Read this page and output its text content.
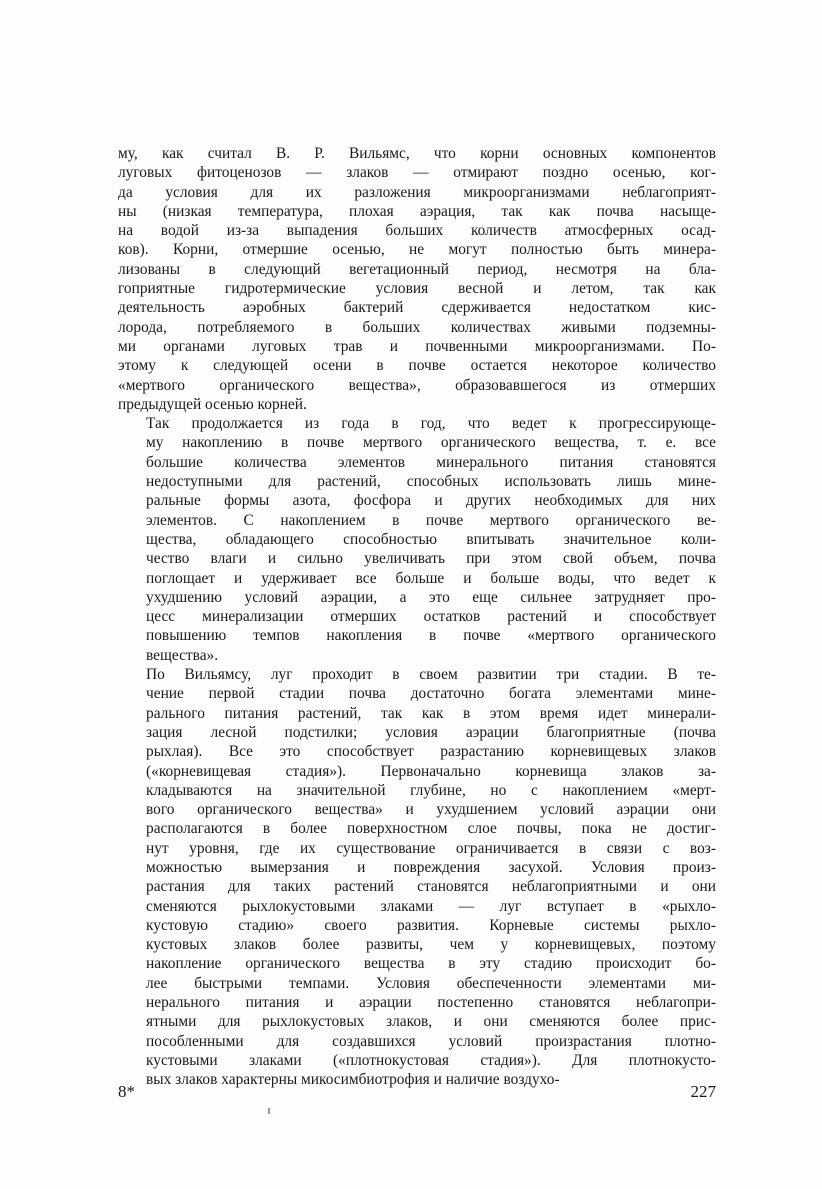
му, как считал В. Р. Вильямс, что корни основных компонентов
луговых фитоценозов — злаков — отмирают поздно осенью, ког-
да условия для их разложения микроорганизмами неблагоприят-
ны (низкая температура, плохая аэрация, так как почва насыще-
на водой из-за выпадения больших количеств атмосферных осад-
ков). Корни, отмершие осенью, не могут полностью быть минера-
лизованы в следующий вегетационный период, несмотря на бла-
гоприятные гидротермические условия весной и летом, так как
деятельность аэробных бактерий сдерживается недостатком кис-
лорода, потребляемого в больших количествах живыми подземны-
ми органами луговых трав и почвенными микроорганизмами. По-
этому к следующей осени в почве остается некоторое количество
«мертвого органического вещества», образовавшегося из отмерших
предыдущей осенью корней.
Так продолжается из года в год, что ведет к прогрессирующе-
му накоплению в почве мертвого органического вещества, т. е. все
большие количества элементов минерального питания становятся
недоступными для растений, способных использовать лишь мине-
ральные формы азота, фосфора и других необходимых для них
элементов. С накоплением в почве мертвого органического ве-
щества, обладающего способностью впитывать значительное коли-
чество влаги и сильно увеличивать при этом свой объем, почва
поглощает и удерживает все больше и больше воды, что ведет к
ухудшению условий аэрации, а это еще сильнее затрудняет про-
цесс минерализации отмерших остатков растений и способствует
повышению темпов накопления в почве «мертвого органического
вещества».
По Вильямсу, луг проходит в своем развитии три стадии. В те-
чение первой стадии почва достаточно богата элементами мине-
рального питания растений, так как в этом время идет минерали-
зация лесной подстилки; условия аэрации благоприятные (почва
рыхлая). Все это способствует разрастанию корневищевых злаков
(«корневищевая стадия»). Первоначально корневища злаков за-
кладываются на значительной глубине, но с накоплением «мерт-
вого органического вещества» и ухудшением условий аэрации они
располагаются в более поверхностном слое почвы, пока не достиг-
нут уровня, где их существование ограничивается в связи с воз-
можностью вымерзания и повреждения засухой. Условия произ-
растания для таких растений становятся неблагоприятными и они
сменяются рыхлокустовыми злаками — луг вступает в «рыхло-
кустовую стадию» своего развития. Корневые системы рыхло-
кустовых злаков более развиты, чем у корневищевых, поэтому
накопление органического вещества в эту стадию происходит бо-
лее быстрыми темпами. Условия обеспеченности элементами ми-
нерального питания и аэрации постепенно становятся неблагопри-
ятными для рыхлокустовых злаков, и они сменяются более прис-
пособленными для создавшихся условий произрастания плотно-
кустовыми злаками («плотнокустовая стадия»). Для плотнокусто-
вых злаков характерны микосимбиотрофия и наличие воздухо-
8*	227
